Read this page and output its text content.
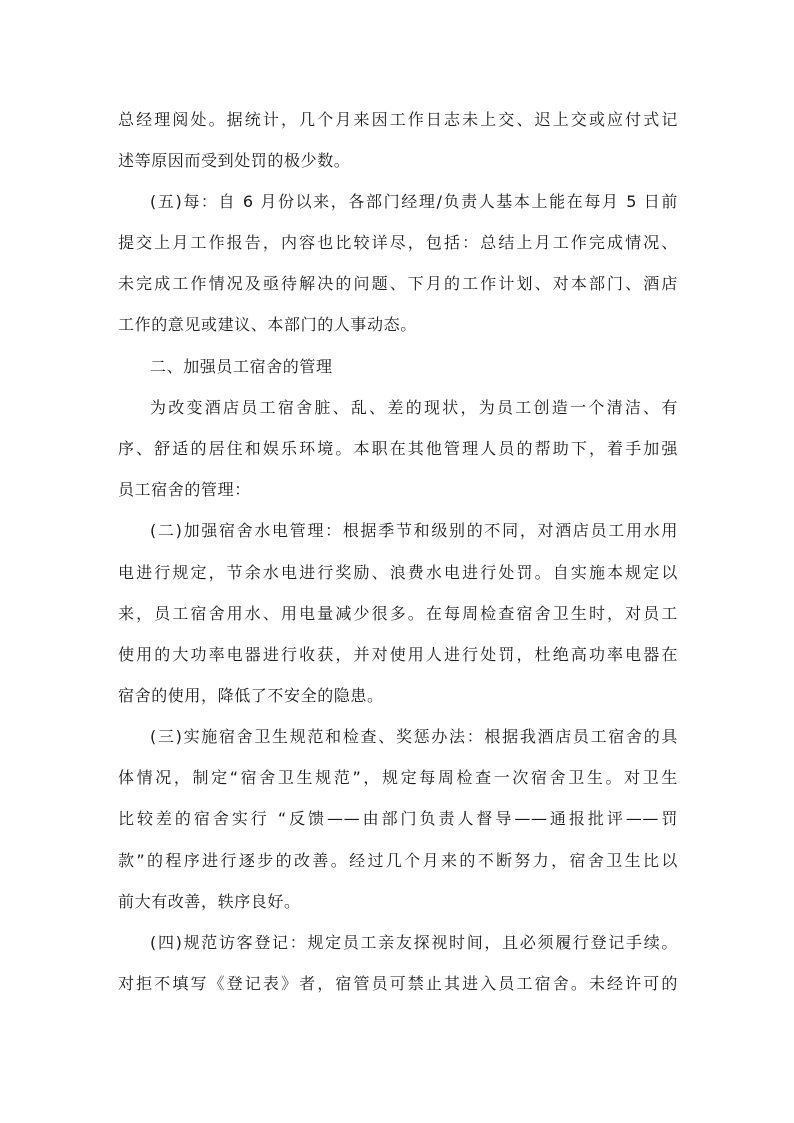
总经理阅处。据统计，几个月来因工作日志未上交、迟上交或应付式记
述等原因而受到处罚的极少数。
(五)每：自 6 月份以来，各部门经理/负责人基本上能在每月 5 日前
提交上月工作报告，内容也比较详尽，包括：总结上月工作完成情况、
未完成工作情况及亟待解决的问题、下月的工作计划、对本部门、酒店
工作的意见或建议、本部门的人事动态。
二、加强员工宿舍的管理
为改变酒店员工宿舍脏、乱、差的现状，为员工创造一个清洁、有
序、舒适的居住和娱乐环境。本职在其他管理人员的帮助下，着手加强
员工宿舍的管理：
(二)加强宿舍水电管理：根据季节和级别的不同，对酒店员工用水用
电进行规定，节余水电进行奖励、浪费水电进行处罚。自实施本规定以
来，员工宿舍用水、用电量减少很多。在每周检查宿舍卫生时，对员工
使用的大功率电器进行收获，并对使用人进行处罚，杜绝高功率电器在
宿舍的使用，降低了不安全的隐患。
(三)实施宿舍卫生规范和检查、奖惩办法：根据我酒店员工宿舍的具
体情况，制定“宿舍卫生规范”，规定每周检查一次宿舍卫生。对卫生
比较差的宿舍实行 “反馈——由部门负责人督导——通报批评——罚
款”的程序进行逐步的改善。经过几个月来的不断努力，宿舍卫生比以
前大有改善，轶序良好。
(四)规范访客登记：规定员工亲友探视时间，且必须履行登记手续。
对拒不填写《登记表》者，宿管员可禁止其进入员工宿舍。未经许可的
